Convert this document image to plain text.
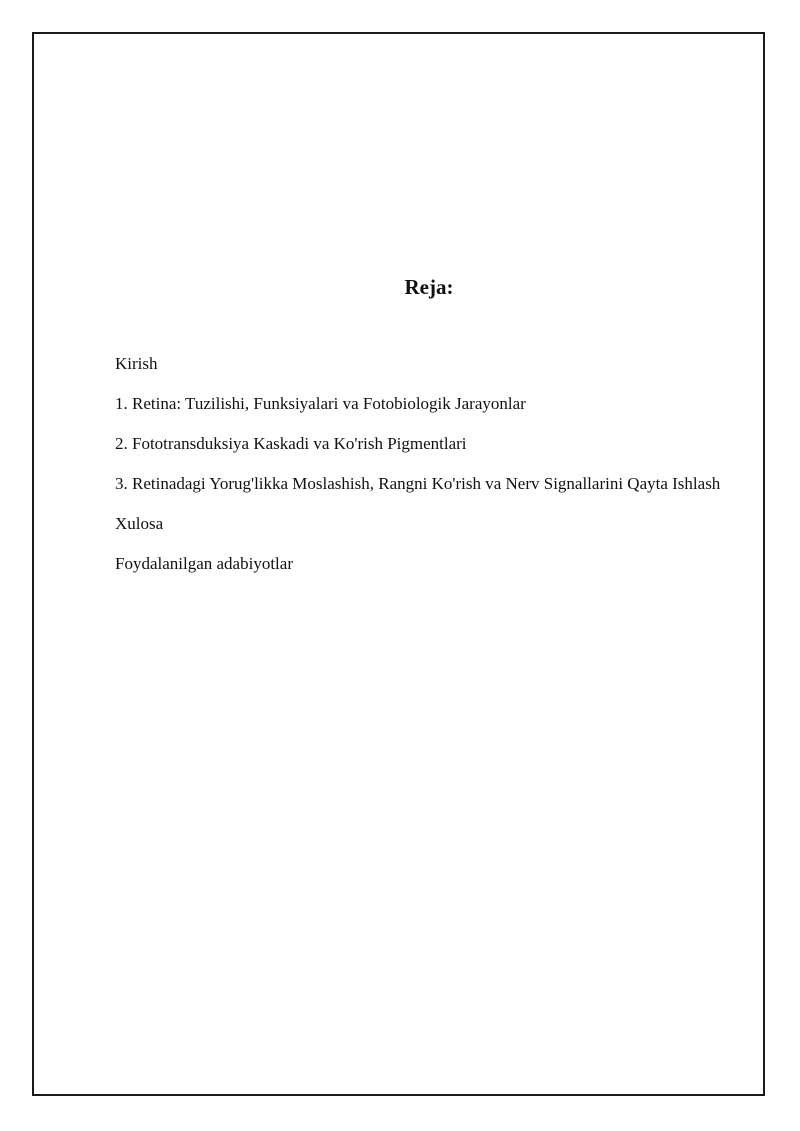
Reja:
Kirish
1. Retina: Tuzilishi, Funksiyalari va Fotobiologik Jarayonlar
2. Fototransduksiya Kaskadi va Ko'rish Pigmentlari
3. Retinadagi Yorug'likka Moslashish, Rangni Ko'rish va Nerv Signallarini Qayta Ishlash
Xulosa
Foydalanilgan adabiyotlar
